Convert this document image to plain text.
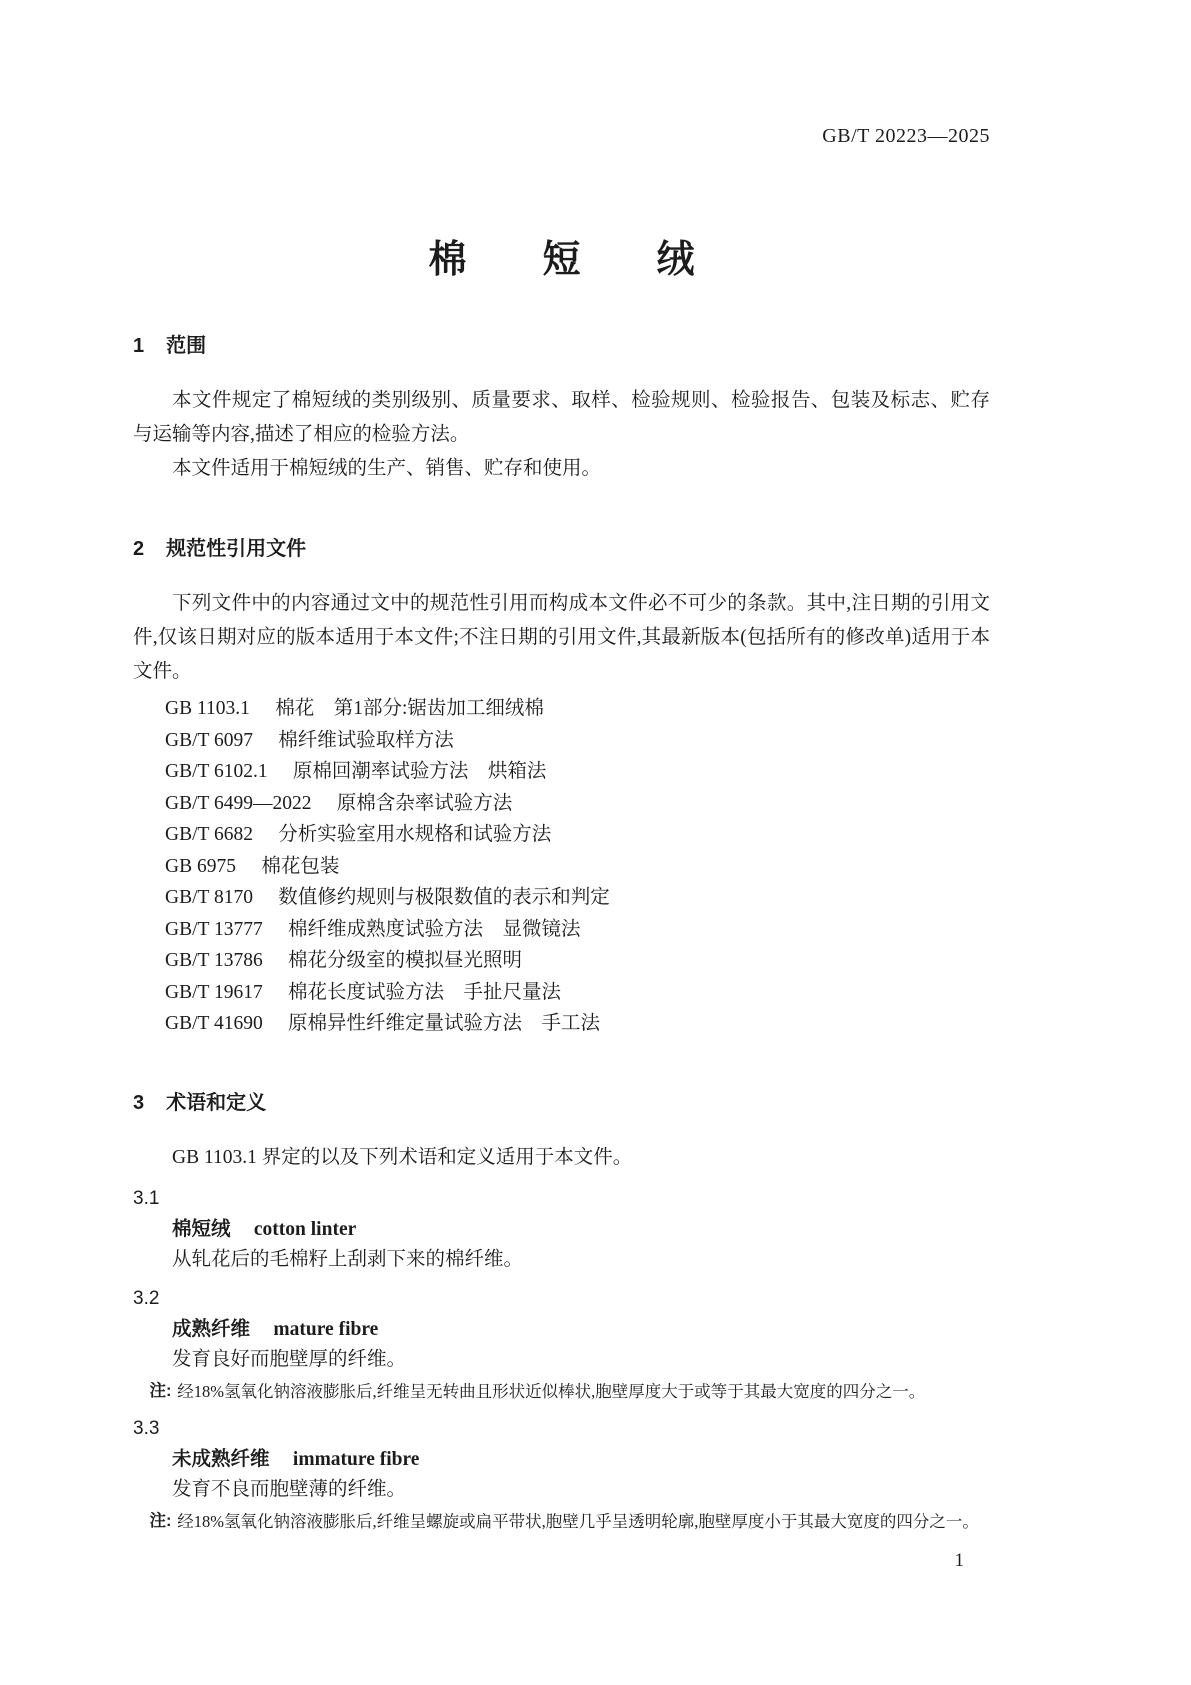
GB/T 20223—2025
棉　　短　　绒
1 范围

本文件规定了棉短绒的类别级别、质量要求、取样、检验规则、检验报告、包装及标志、贮存与运输等内容,描述了相应的检验方法。

本文件适用于棉短绒的生产、销售、贮存和使用。

2 规范性引用文件

下列文件中的内容通过文中的规范性引用而构成本文件必不可少的条款。其中,注日期的引用文件,仅该日期对应的版本适用于本文件;不注日期的引用文件,其最新版本(包括所有的修改单)适用于本文件。

GB 1103.1 棉花　第1部分:锯齿加工细绒棉
GB/T 6097 棉纤维试验取样方法
GB/T 6102.1 原棉回潮率试验方法　烘箱法
GB/T 6499—2022 原棉含杂率试验方法
GB/T 6682 分析实验室用水规格和试验方法
GB 6975 棉花包装
GB/T 8170 数值修约规则与极限数值的表示和判定
GB/T 13777 棉纤维成熟度试验方法　显微镜法
GB/T 13786 棉花分级室的模拟昼光照明
GB/T 19617 棉花长度试验方法　手扯尺量法
GB/T 41690 原棉异性纤维定量试验方法　手工法
3 术语和定义

GB 1103.1 界定的以及下列术语和定义适用于本文件。

3.1
棉短绒 cotton linter

从轧花后的毛棉籽上刮剥下来的棉纤维。

3.2
成熟纤维 mature fibre

发育良好而胞壁厚的纤维。

注: 经18%氢氧化钠溶液膨胀后,纤维呈无转曲且形状近似棒状,胞壁厚度大于或等于其最大宽度的四分之一。
3.3
未成熟纤维 immature fibre

发育不良而胞壁薄的纤维。

注: 经18%氢氧化钠溶液膨胀后,纤维呈螺旋或扁平带状,胞壁几乎呈透明轮廓,胞壁厚度小于其最大宽度的四分之一。
1
